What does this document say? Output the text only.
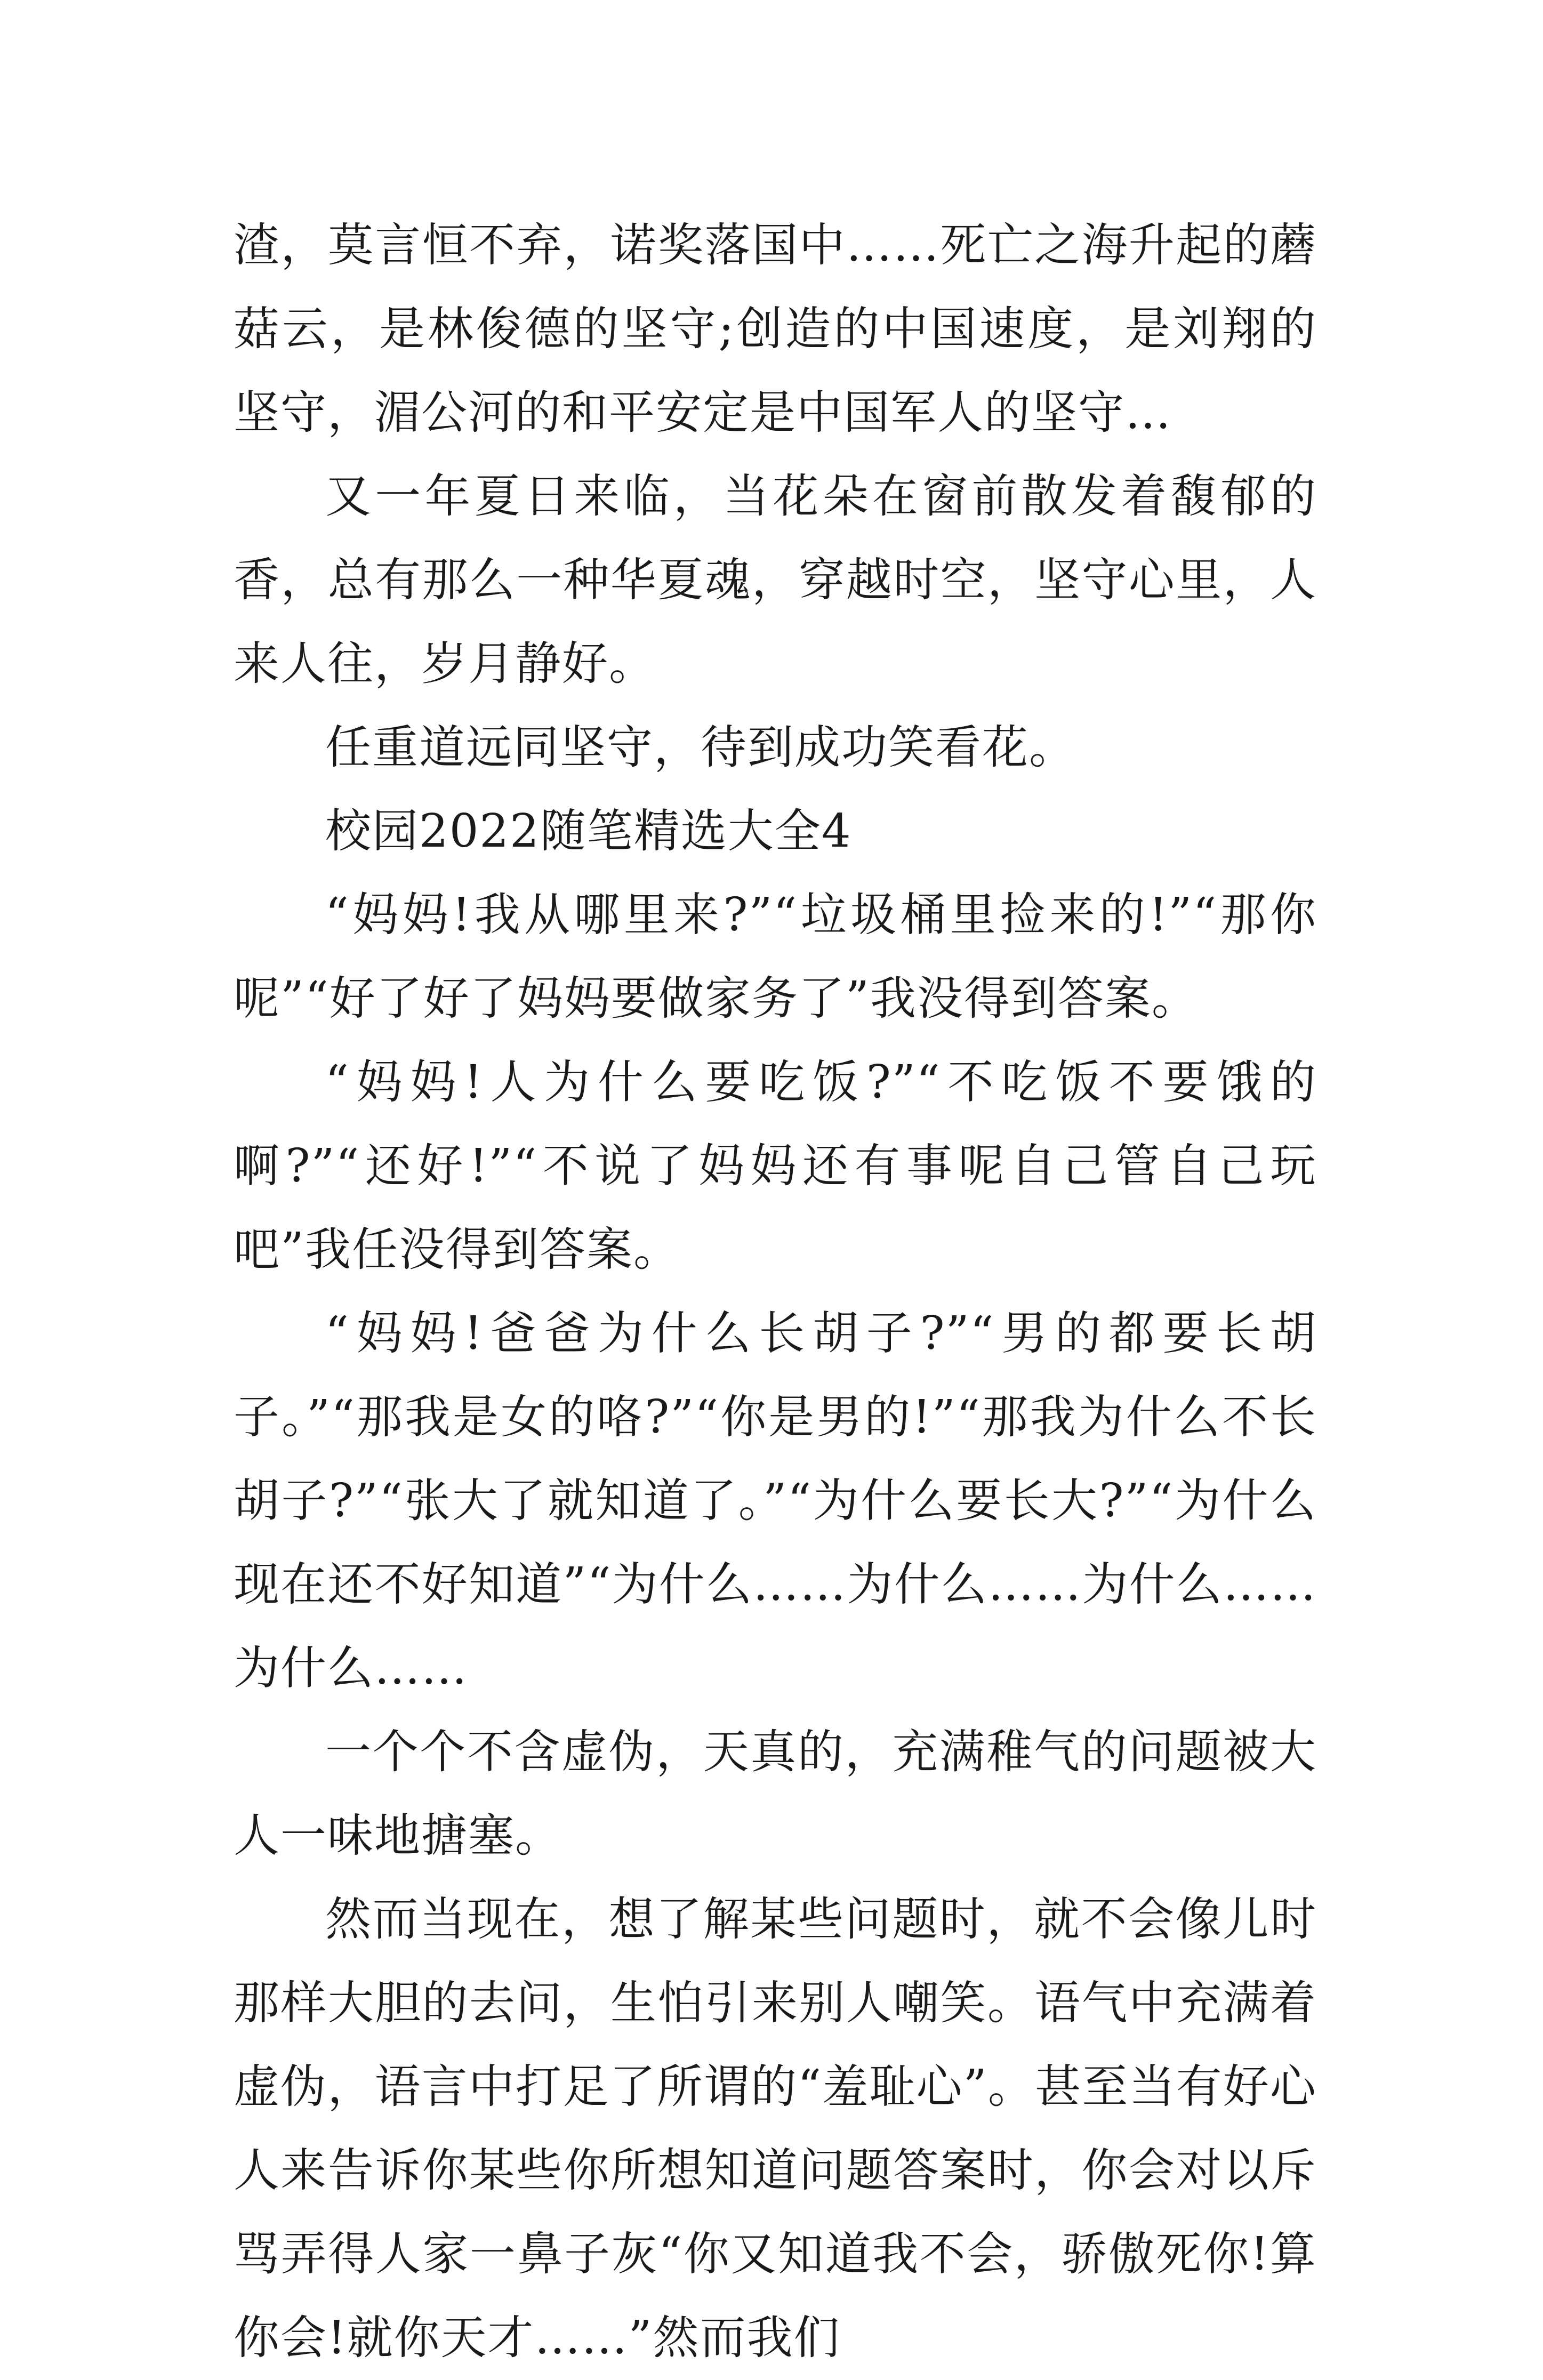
渣，莫言恒不弃，诺奖落国中……死亡之海升起的蘑菇云，是林俊德的坚守;创造的中国速度，是刘翔的坚守，湄公河的和平安定是中国军人的坚守…

又一年夏日来临，当花朵在窗前散发着馥郁的香，总有那么一种华夏魂，穿越时空，坚守心里，人来人往，岁月静好。

任重道远同坚守，待到成功笑看花。

校园2022随笔精选大全4

“妈妈!我从哪里来?”“垃圾桶里捡来的!”“那你呢”“好了好了妈妈要做家务了”我没得到答案。

“妈妈!人为什么要吃饭?”“不吃饭不要饿的啊?”“还好!”“不说了妈妈还有事呢自己管自己玩吧”我任没得到答案。

“妈妈!爸爸为什么长胡子?”“男的都要长胡子。”“那我是女的咯?”“你是男的!”“那我为什么不长胡子?”“张大了就知道了。”“为什么要长大?”“为什么现在还不好知道”“为什么……为什么……为什么……为什么……

一个个不含虚伪，天真的，充满稚气的问题被大人一味地搪塞。

然而当现在，想了解某些问题时，就不会像儿时那样大胆的去问，生怕引来别人嘲笑。语气中充满着虚伪，语言中打足了所谓的“羞耻心”。甚至当有好心人来告诉你某些你所想知道问题答案时，你会对以斥骂弄得人家一鼻子灰“你又知道我不会，骄傲死你!算你会!就你天才……”然而我们
